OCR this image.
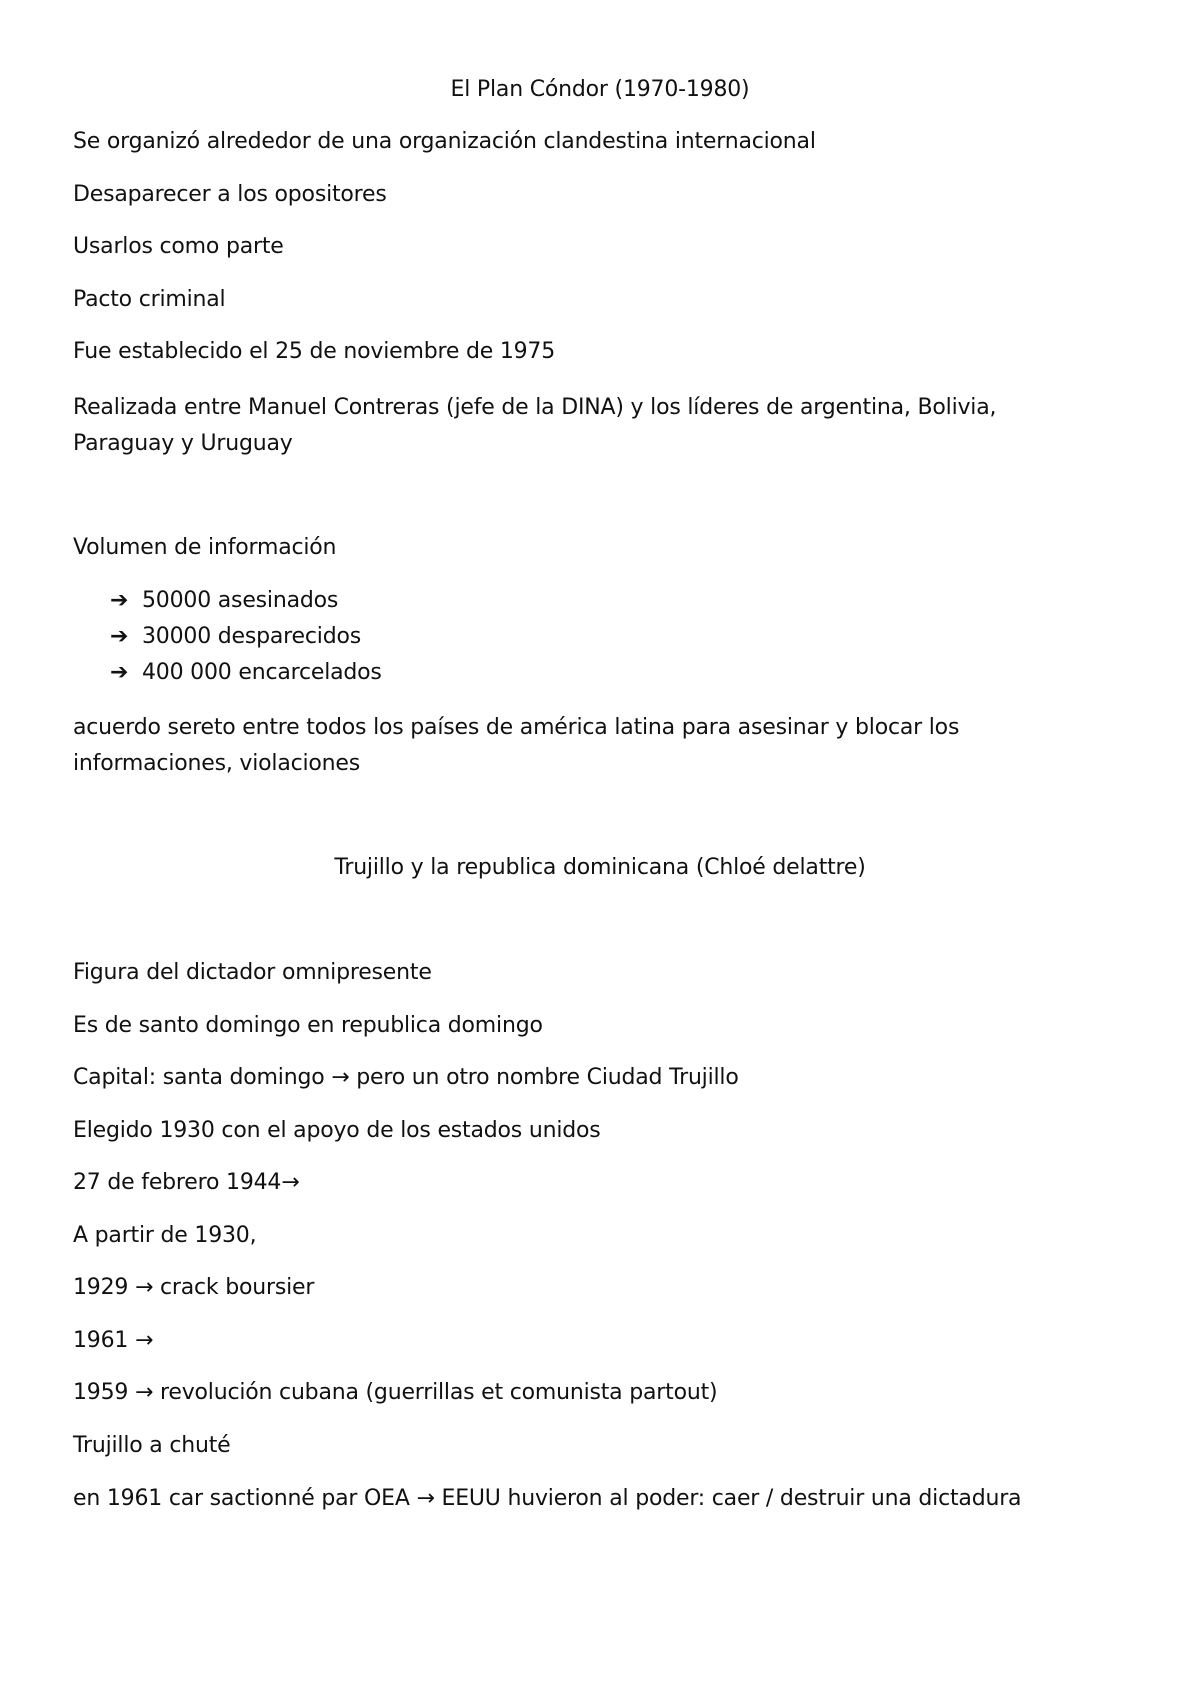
El Plan Cóndor (1970-1980)
Se organizó alrededor de una organización clandestina internacional
Desaparecer a los opositores
Usarlos como parte
Pacto criminal
Fue establecido el 25 de noviembre de 1975
Realizada entre Manuel Contreras (jefe de la DINA) y los líderes de argentina, Bolivia,
Paraguay y Uruguay
Volumen de información
➔ 50000 asesinados
➔ 30000 desparecidos
➔ 400 000 encarcelados
acuerdo sereto entre todos los países de américa latina para asesinar y blocar los
informaciones, violaciones
Trujillo y la republica dominicana (Chloé delattre)
Figura del dictador omnipresente
Es de santo domingo en republica domingo
Capital: santa domingo → pero un otro nombre Ciudad Trujillo
Elegido 1930 con el apoyo de los estados unidos
27 de febrero 1944→
A partir de 1930,
1929 → crack boursier
1961 →
1959 → revolución cubana (guerrillas et comunista partout)
Trujillo a chuté
en 1961 car sactionné par OEA → EEUU huvieron al poder: caer / destruir una dictadura
